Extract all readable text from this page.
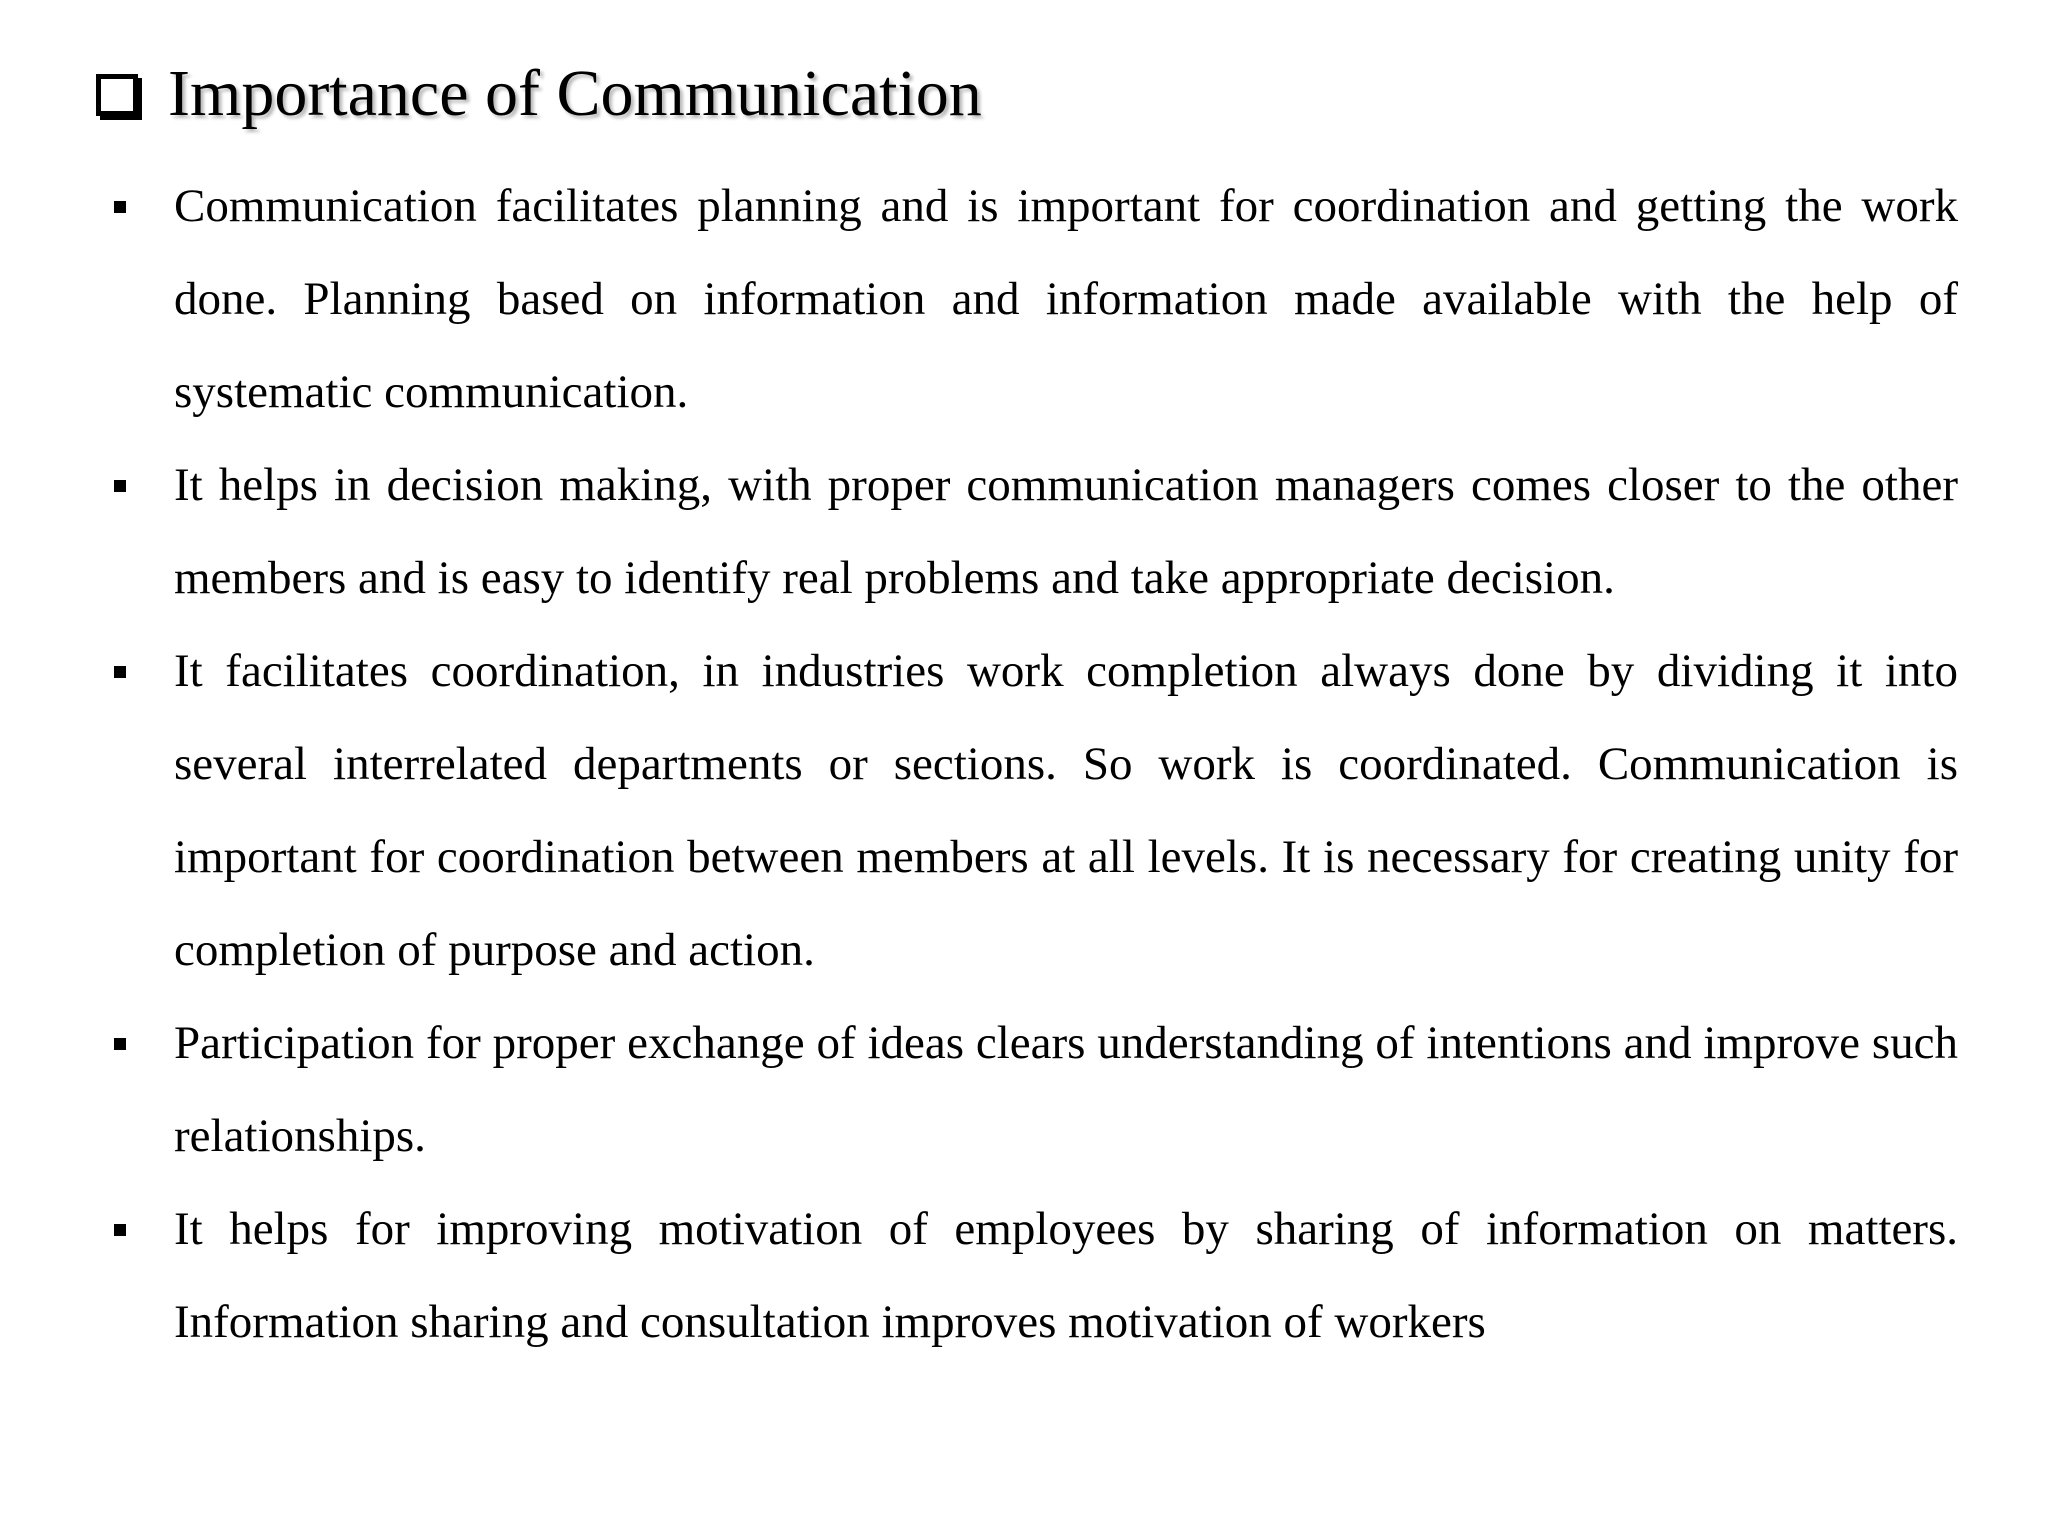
Importance of Communication
Communication facilitates planning and is important for coordination and getting the work done. Planning based on information and information made available with the help of systematic communication.
It helps in decision making, with proper communication managers comes closer to the other members and is easy to identify real problems and take appropriate decision.
It facilitates coordination, in industries work completion always done by dividing it into several interrelated departments or sections. So work is coordinated. Communication is important for coordination between members at all levels. It is necessary for creating unity for completion of purpose and action.
Participation for proper exchange of ideas clears understanding of intentions and improve such relationships.
It helps for improving motivation of employees by sharing of information on matters. Information sharing and consultation improves motivation of workers
